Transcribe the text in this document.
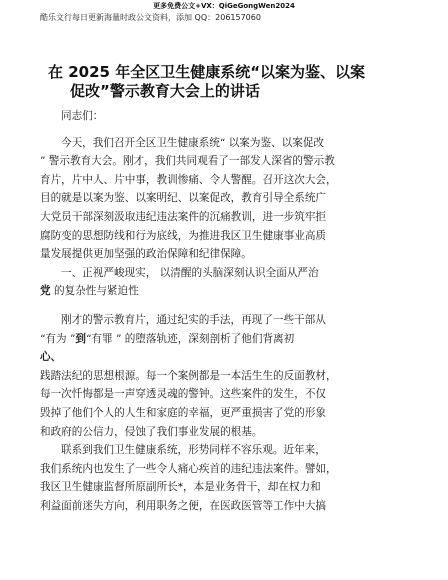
更多免费公文+VX：QiGeGongWen2024
酷乐文行每日更新海量时政公文资料，添加 QQ：206157060
在 2025 年全区卫生健康系统“以案为鉴、以案
促改”警示教育大会上的讲话
同志们：
今天，我们召开全区卫生健康系统“ 以案为鉴、以案促改
” 警示教育大会。刚才，我们共同观看了一部发人深省的警示教
育片，片中人、片中事，教训惨痛、令人警醒。召开这次大会，
目的就是以案为鉴、以案明纪、以案促改，教育引导全系统广
大党员干部深刻汲取违纪违法案件的沉痛教训，进一步筑牢拒
腐防变的思想防线和行为底线，为推进我区卫生健康事业高质
量发展提供更加坚强的政治保障和纪律保障。
一、正视严峻现实， 以清醒的头脑深刻认识全面从严治
党 的复杂性与紧迫性
刚才的警示教育片，通过纪实的手法，再现了一些干部从
“有为 ”到“有罪 ” 的堕落轨迹，深刻剖析了他们背离初
心、
践踏法纪的思想根源。每一个案例都是一本活生生的反面教材，
每一次忏悔都是一声穿透灵魂的警钟。这些案件的发生，不仅
毁掉了他们个人的人生和家庭的幸福，更严重损害了党的形象
和政府的公信力，侵蚀了我们事业发展的根基。
联系到我们卫生健康系统，形势同样不容乐观。近年来，
我们系统内也发生了一些令人痛心疾首的违纪违法案件。譬如，
我区卫生健康监督所原副所长*，本是业务骨干，却在权力和
利益面前迷失方向，利用职务之便，在医政医管等工作中大搞
